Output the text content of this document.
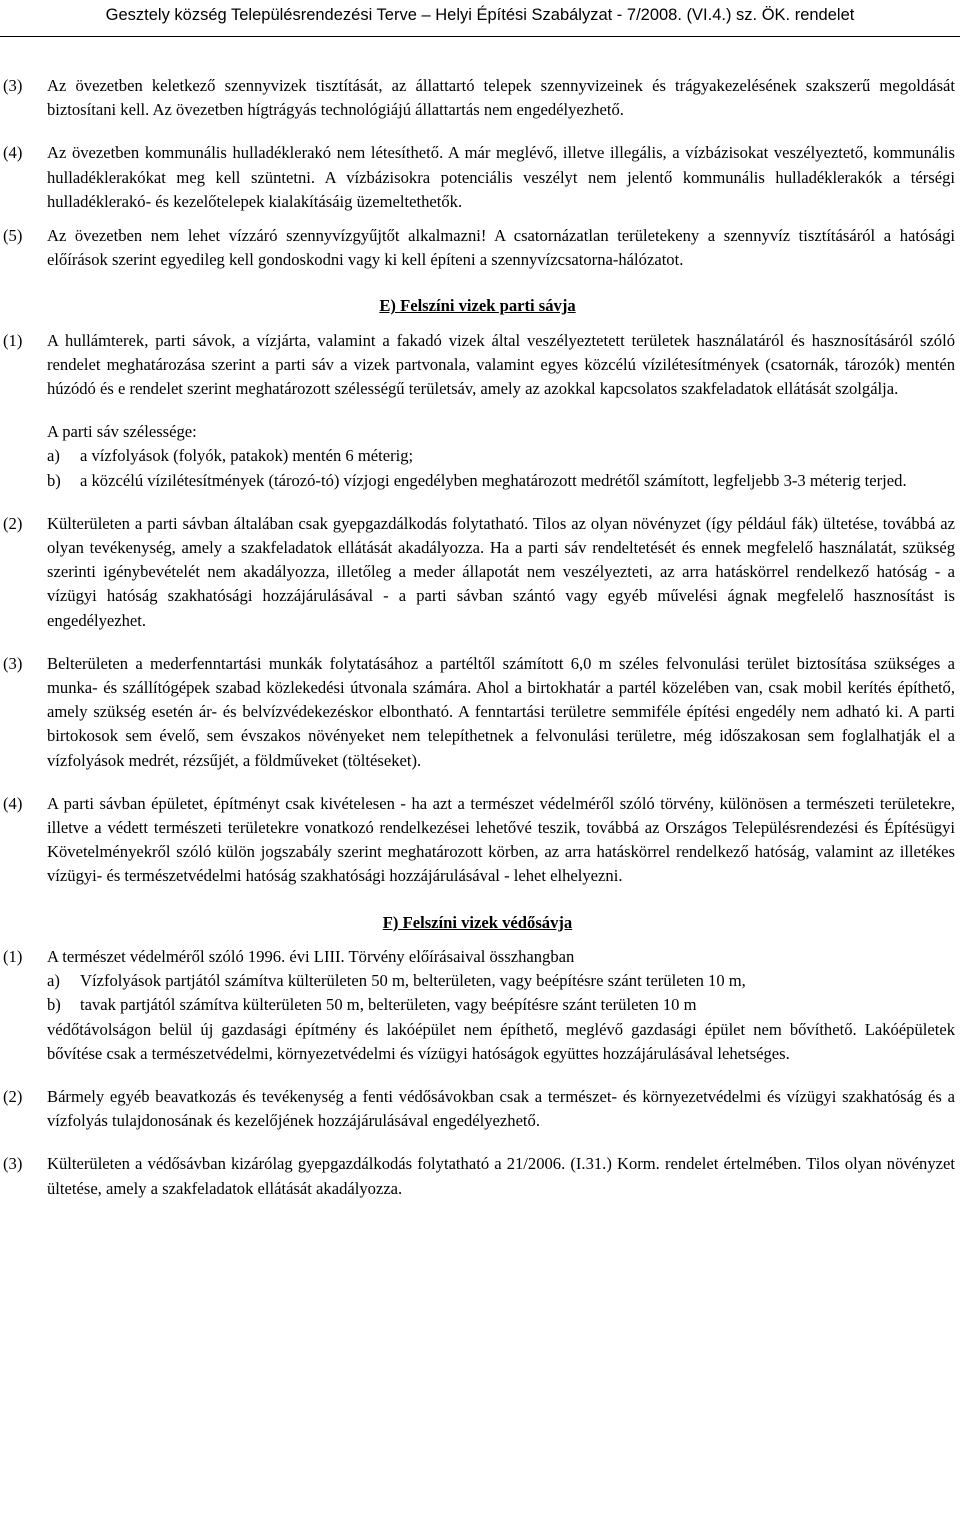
Gesztely község Településrendezési Terve – Helyi Építési Szabályzat - 7/2008. (VI.4.) sz. ÖK. rendelet
(3) Az övezetben keletkező szennyvizek tisztítását, az állattartó telepek szennyvizeinek és trágyakezelésének szakszerű megoldását biztosítani kell. Az övezetben hígtrágyás technológiájú állattartás nem engedélyezhető.
(4) Az övezetben kommunális hulladéklerakó nem létesíthető. A már meglévő, illetve illegális, a vízbázisokat veszélyeztető, kommunális hulladéklerakókat meg kell szüntetni. A vízbázisokra potenciális veszélyt nem jelentő kommunális hulladéklerakók a térségi hulladéklerakó- és kezelőtelepek kialakításáig üzemeltethetők.
(5) Az övezetben nem lehet vízzáró szennyvízgyűjtőt alkalmazni! A csatornázatlan területekeny a szennyvíz tisztításáról a hatósági előírások szerint egyedileg kell gondoskodni vagy ki kell építeni a szennyvízcsatorna-hálózatot.
E) Felszíni vizek parti sávja
(1) A hullámterek, parti sávok, a vízjárta, valamint a fakadó vizek által veszélyeztetett területek használatáról és hasznosításáról szóló rendelet meghatározása szerint a parti sáv a vizek partvonala, valamint egyes közcélú vízilétesítmények (csatornák, tározók) mentén húzódó és e rendelet szerint meghatározott szélességű területsáv, amely az azokkal kapcsolatos szakfeladatok ellátását szolgálja.
A parti sáv szélessége:
a) a vízfolyások (folyók, patakok) mentén 6 méterig;
b) a közcélú vízilétesítmények (tározó-tó) vízjogi engedélyben meghatározott medrétől számított, legfeljebb 3-3 méterig terjed.
(2) Külterületen a parti sávban általában csak gyepgazdálkodás folytatható. Tilos az olyan növényzet (így például fák) ültetése, továbbá az olyan tevékenység, amely a szakfeladatok ellátását akadályozza. Ha a parti sáv rendeltetését és ennek megfelelő használatát, szükség szerinti igénybevételét nem akadályozza, illetőleg a meder állapotát nem veszélyezteti, az arra hatáskörrel rendelkező hatóság - a vízügyi hatóság szakhatósági hozzájárulásával - a parti sávban szántó vagy egyéb művelési ágnak megfelelő hasznosítást is engedélyezhet.
(3) Belterületen a mederfenntartási munkák folytatásához a partéltől számított 6,0 m széles felvonulási terület biztosítása szükséges a munka- és szállítógépek szabad közlekedési útvonala számára. Ahol a birtokhatár a partél közelében van, csak mobil kerítés építhető, amely szükség esetén ár- és belvízvédekezéskor elbontható. A fenntartási területre semmiféle építési engedély nem adható ki. A parti birtokosok sem évelő, sem évszakos növényeket nem telepíthetnek a felvonulási területre, még időszakosan sem foglalhatják el a vízfolyások medrét, rézsűjét, a földműveket (töltéseket).
(4) A parti sávban épületet, építményt csak kivételesen - ha azt a természet védelméről szóló törvény, különösen a természeti területekre, illetve a védett természeti területekre vonatkozó rendelkezései lehetővé teszik, továbbá az Országos Településrendezési és Építésügyi Követelményekről szóló külön jogszabály szerint meghatározott körben, az arra hatáskörrel rendelkező hatóság, valamint az illetékes vízügyi- és természetvédelmi hatóság szakhatósági hozzájárulásával - lehet elhelyezni.
F) Felszíni vizek védősávja
(1) A természet védelméről szóló 1996. évi LIII. Törvény előírásaival összhangban
a) Vízfolyások partjától számítva külterületen 50 m, belterületen, vagy beépítésre szánt területen 10 m,
b) tavak partjától számítva külterületen 50 m, belterületen, vagy beépítésre szánt területen 10 m
védőtávolságon belül új gazdasági építmény és lakóépület nem építhető, meglévő gazdasági épület nem bővíthető. Lakóépületek bővítése csak a természetvédelmi, környezetvédelmi és vízügyi hatóságok együttes hozzájárulásával lehetséges.
(2) Bármely egyéb beavatkozás és tevékenység a fenti védősávokban csak a természet- és környezetvédelmi és vízügyi szakhatóság és a vízfolyás tulajdonosának és kezelőjének hozzájárulásával engedélyezhető.
(3) Külterületen a védősávban kizárólag gyepgazdálkodás folytatható a 21/2006. (I.31.) Korm. rendelet értelmében. Tilos olyan növényzet ültetése, amely a szakfeladatok ellátását akadályozza.
